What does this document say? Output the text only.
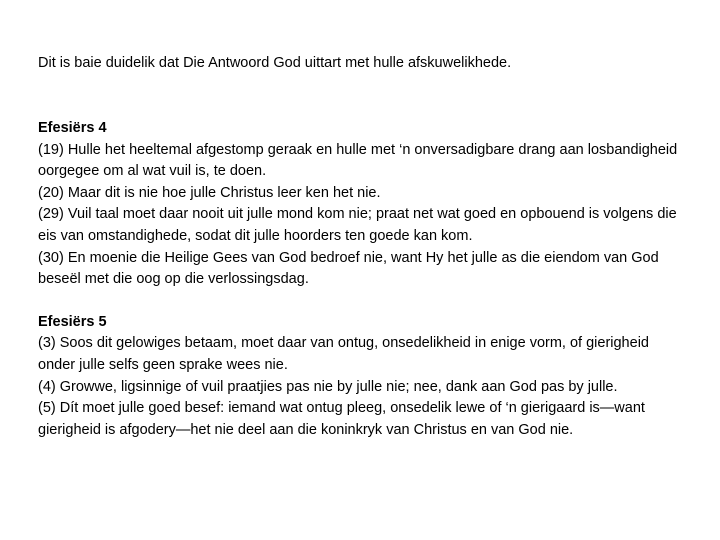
Dit is baie duidelik dat Die Antwoord God uittart met hulle afskuwelikhede.

Efesiërs 4
(19) Hulle het heeltemal afgestomp geraak en hulle met ‘n onversadigbare drang aan losbandigheid oorgegee om al wat vuil is, te doen.
(20) Maar dit is nie hoe julle Christus leer ken het nie.
(29) Vuil taal moet daar nooit uit julle mond kom nie; praat net wat goed en opbouend is volgens die eis van omstandighede, sodat dit julle hoorders ten goede kan kom.
(30) En moenie die Heilige Gees van God bedroef nie, want Hy het julle as die eiendom van God beseël met die oog op die verlossingsdag.
Efesiërs 5
(3) Soos dit gelowiges betaam, moet daar van ontug, onsedelikheid in enige vorm, of gierigheid onder julle selfs geen sprake wees nie.
(4) Growwe, ligsinnige of vuil praatjies pas nie by julle nie; nee, dank aan God pas by julle.
(5) Dít moet julle goed besef: iemand wat ontug pleeg, onsedelik lewe of ‘n gierigaard is—want gierigheid is afgodery—het nie deel aan die koninkryk van Christus en van God nie.
